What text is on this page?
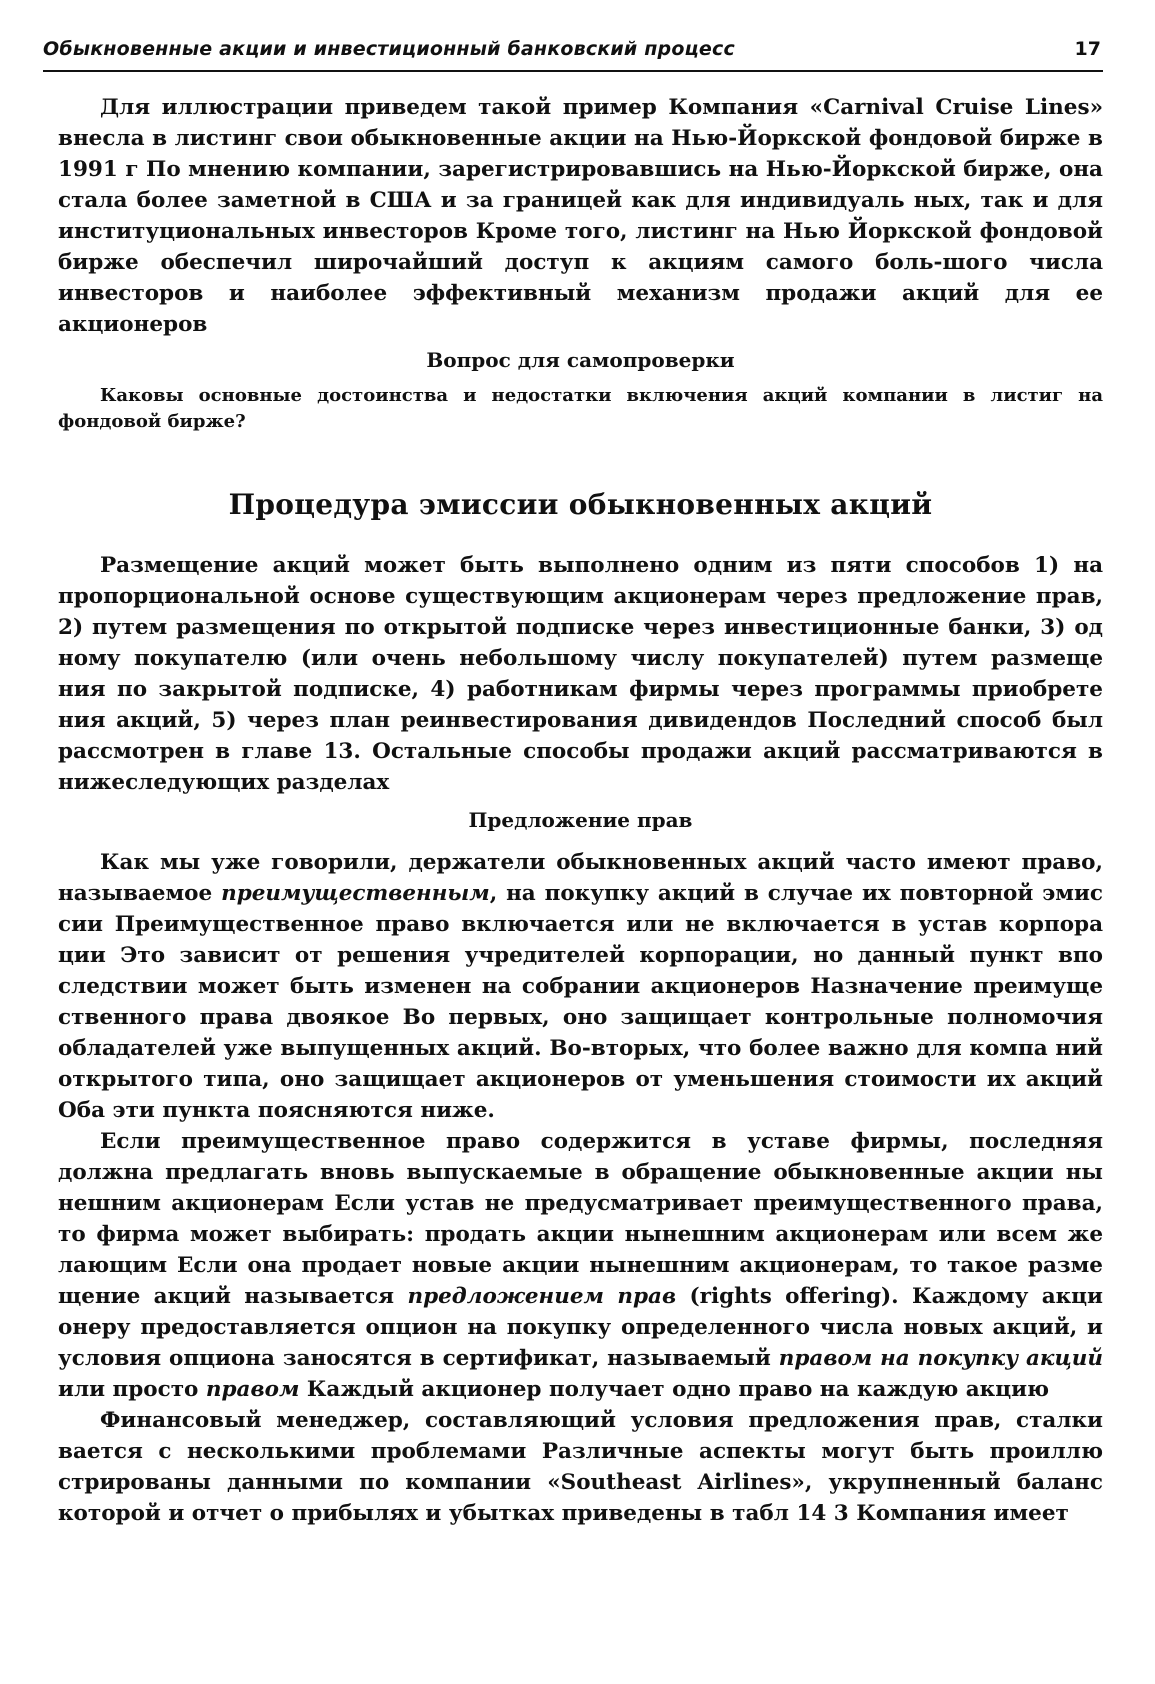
Обыкновенные акции и инвестиционный банковский процесс	17

Для иллюстрации приведем такой пример Компания «Carnival Cruise Lines» внесла в листинг свои обыкновенные акции на Нью-Йоркской фондовой бирже в 1991 г По мнению компании, зарегистрировавшись на Нью-Йоркской бирже, она стала более заметной в США и за границей как для индивидуаль ных, так и для институциональных инвесторов Кроме того, листинг на Нью Йоркской фондовой бирже обеспечил широчайший доступ к акциям самого боль-шого числа инвесторов и наиболее эффективный механизм продажи акций для ее акционеров

Вопрос для самопроверки

Каковы основные достоинства и недостатки включения акций компании в листиг на фондовой бирже?

Процедура эмиссии обыкновенных акций

Размещение акций может быть выполнено одним из пяти способов 1) на пропорциональной основе существующим акционерам через предложение прав, 2) путем размещения по открытой подписке через инвестиционные банки, 3) од ному покупателю (или очень небольшому числу покупателей) путем размеще ния по закрытой подписке, 4) работникам фирмы через программы приобрете ния акций, 5) через план реинвестирования дивидендов Последний способ был рассмотрен в главе 13. Остальные способы продажи акций рассматриваются в нижеследующих разделах

Предложение прав

Как мы уже говорили, держатели обыкновенных акций часто имеют право, называемое преимущественным, на покупку акций в случае их повторной эмис сии Преимущественное право включается или не включается в устав корпора ции Это зависит от решения учредителей корпорации, но данный пункт впо следствии может быть изменен на собрании акционеров Назначение преимуще ственного права двоякое Во первых, оно защищает контрольные полномочия обладателей уже выпущенных акций. Во-вторых, что более важно для компа ний открытого типа, оно защищает акционеров от уменьшения стоимости их акций Оба эти пункта поясняются ниже.

Если преимущественное право содержится в уставе фирмы, последняя должна предлагать вновь выпускаемые в обращение обыкновенные акции ны нешним акционерам Если устав не предусматривает преимущественного права, то фирма может выбирать: продать акции нынешним акционерам или всем же лающим Если она продает новые акции нынешним акционерам, то такое разме щение акций называется предложением прав (rights offering). Каждому акци онеру предоставляется опцион на покупку определенного числа новых акций, и условия опциона заносятся в сертификат, называемый правом на покупку акций или просто правом Каждый акционер получает одно право на каждую акцию

Финансовый менеджер, составляющий условия предложения прав, сталки вается с несколькими проблемами Различные аспекты могут быть проиллю стрированы данными по компании «Southeast Airlines», укрупненный баланс которой и отчет о прибылях и убытках приведены в табл 14 3 Компания имеет
